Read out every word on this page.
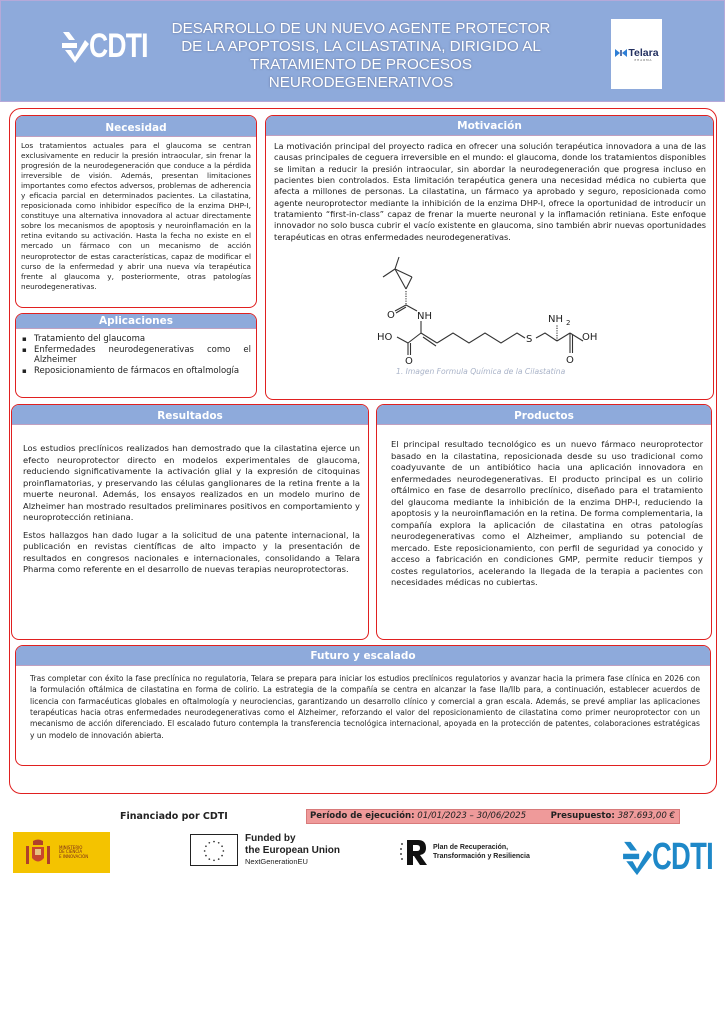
CDTI	DESARROLLO DE UN NUEVO AGENTE PROTECTOR DE LA APOPTOSIS, LA CILASTATINA, DIRIGIDO AL TRATAMIENTO DE PROCESOS NEURODEGENERATIVOS
Telara
PHARMA
Necesidad
Los tratamientos actuales para el glaucoma se centran exclusivamente en reducir la presión intraocular, sin frenar la progresión de la neurodegeneración que conduce a la pérdida irreversible de visión. Además, presentan limitaciones importantes como efectos adversos, problemas de adherencia y eficacia parcial en determinados pacientes. La cilastatina, reposicionada como inhibidor específico de la enzima DHP-I, constituye una alternativa innovadora al actuar directamente sobre los mecanismos de apoptosis y neuroinflamación en la retina evitando su activación. Hasta la fecha no existe en el mercado un fármaco con un mecanismo de acción neuroprotector de estas características, capaz de modificar el curso de la enfermedad y abrir una nueva vía terapéutica frente al glaucoma y, posteriormente, otras patologías neurodegenerativas.
Aplicaciones
▪ Tratamiento del glaucoma
▪ Enfermedades neurodegenerativas como el Alzheimer
▪ Reposicionamiento de fármacos en oftalmología
Motivación
La motivación principal del proyecto radica en ofrecer una solución terapéutica innovadora a una de las causas principales de ceguera irreversible en el mundo: el glaucoma, donde los tratamientos disponibles se limitan a reducir la presión intraocular, sin abordar la neurodegeneración que progresa incluso en pacientes bien controlados. Esta limitación terapéutica genera una necesidad médica no cubierta que afecta a millones de personas. La cilastatina, un fármaco ya aprobado y seguro, reposicionada como agente neuroprotector mediante la inhibición de la enzima DHP-I, ofrece la oportunidad de introducir un tratamiento “first-in-class” capaz de frenar la muerte neuronal y la inflamación retiniana. Este enfoque innovador no solo busca cubrir el vacío existente en glaucoma, sino también abrir nuevas oportunidades terapéuticas en otras enfermedades neurodegenerativas.
O NH
HO
O
S
NH 2
OH
O
1. Imagen Formula Química de la Cilastatina
Resultados

Los estudios preclínicos realizados han demostrado que la cilastatina ejerce un efecto neuroprotector directo en modelos experimentales de glaucoma, reduciendo significativamente la activación glial y la expresión de citoquinas proinflamatorias, y preservando las células ganglionares de la retina frente a la muerte neuronal. Además, los ensayos realizados en un modelo murino de Alzheimer han mostrado resultados preliminares positivos en comportamiento y neuroprotección retiniana.

Estos hallazgos han dado lugar a la solicitud de una patente internacional, la publicación en revistas científicas de alto impacto y la presentación de resultados en congresos nacionales e internacionales, consolidando a Telara Pharma como referente en el desarrollo de nuevas terapias neuroprotectoras.

Productos
El principal resultado tecnológico es un nuevo fármaco neuroprotector basado en la cilastatina, reposicionada desde su uso tradicional como coadyuvante de un antibiótico hacia una aplicación innovadora en enfermedades neurodegenerativas. El producto principal es un colirio oftálmico en fase de desarrollo preclínico, diseñado para el tratamiento del glaucoma mediante la inhibición de la enzima DHP-I, reduciendo la apoptosis y la neuroinflamación en la retina. De forma complementaria, la compañía explora la aplicación de cilastatina en otras patologías neurodegenerativas como el Alzheimer, ampliando su potencial de mercado. Este reposicionamiento, con perfil de seguridad ya conocido y acceso a fabricación en condiciones GMP, permite reducir tiempos y costes regulatorios, acelerando la llegada de la terapia a pacientes con necesidades médicas no cubiertas.
Futuro y escalado
Tras completar con éxito la fase preclínica no regulatoria, Telara se prepara para iniciar los estudios preclínicos regulatorios y avanzar hacia la primera fase clínica en 2026 con la formulación oftálmica de cilastatina en forma de colirio. La estrategia de la compañía se centra en alcanzar la fase IIa/IIb para, a continuación, establecer acuerdos de licencia con farmacéuticas globales en oftalmología y neurociencias, garantizando un desarrollo clínico y comercial a gran escala. Además, se prevé ampliar las aplicaciones terapéuticas hacia otras enfermedades neurodegenerativas como el Alzheimer, reforzando el valor del reposicionamiento de cilastatina como primer neuroprotector con un mecanismo de acción diferenciado. El escalado futuro contempla la transferencia tecnológica internacional, apoyada en la protección de patentes, colaboraciones estratégicas y un modelo de innovación abierta.
Financiado por CDTI	Período de ejecución: 01/01/2023 – 30/06/2025	Presupuesto: 387.693,00 €
MINISTERIO
DE CIENCIA
E INNOVACIÓN
Funded by
the European Union
NextGenerationEU
Plan de Recuperación,
Transformación y Resiliencia	CDTI
